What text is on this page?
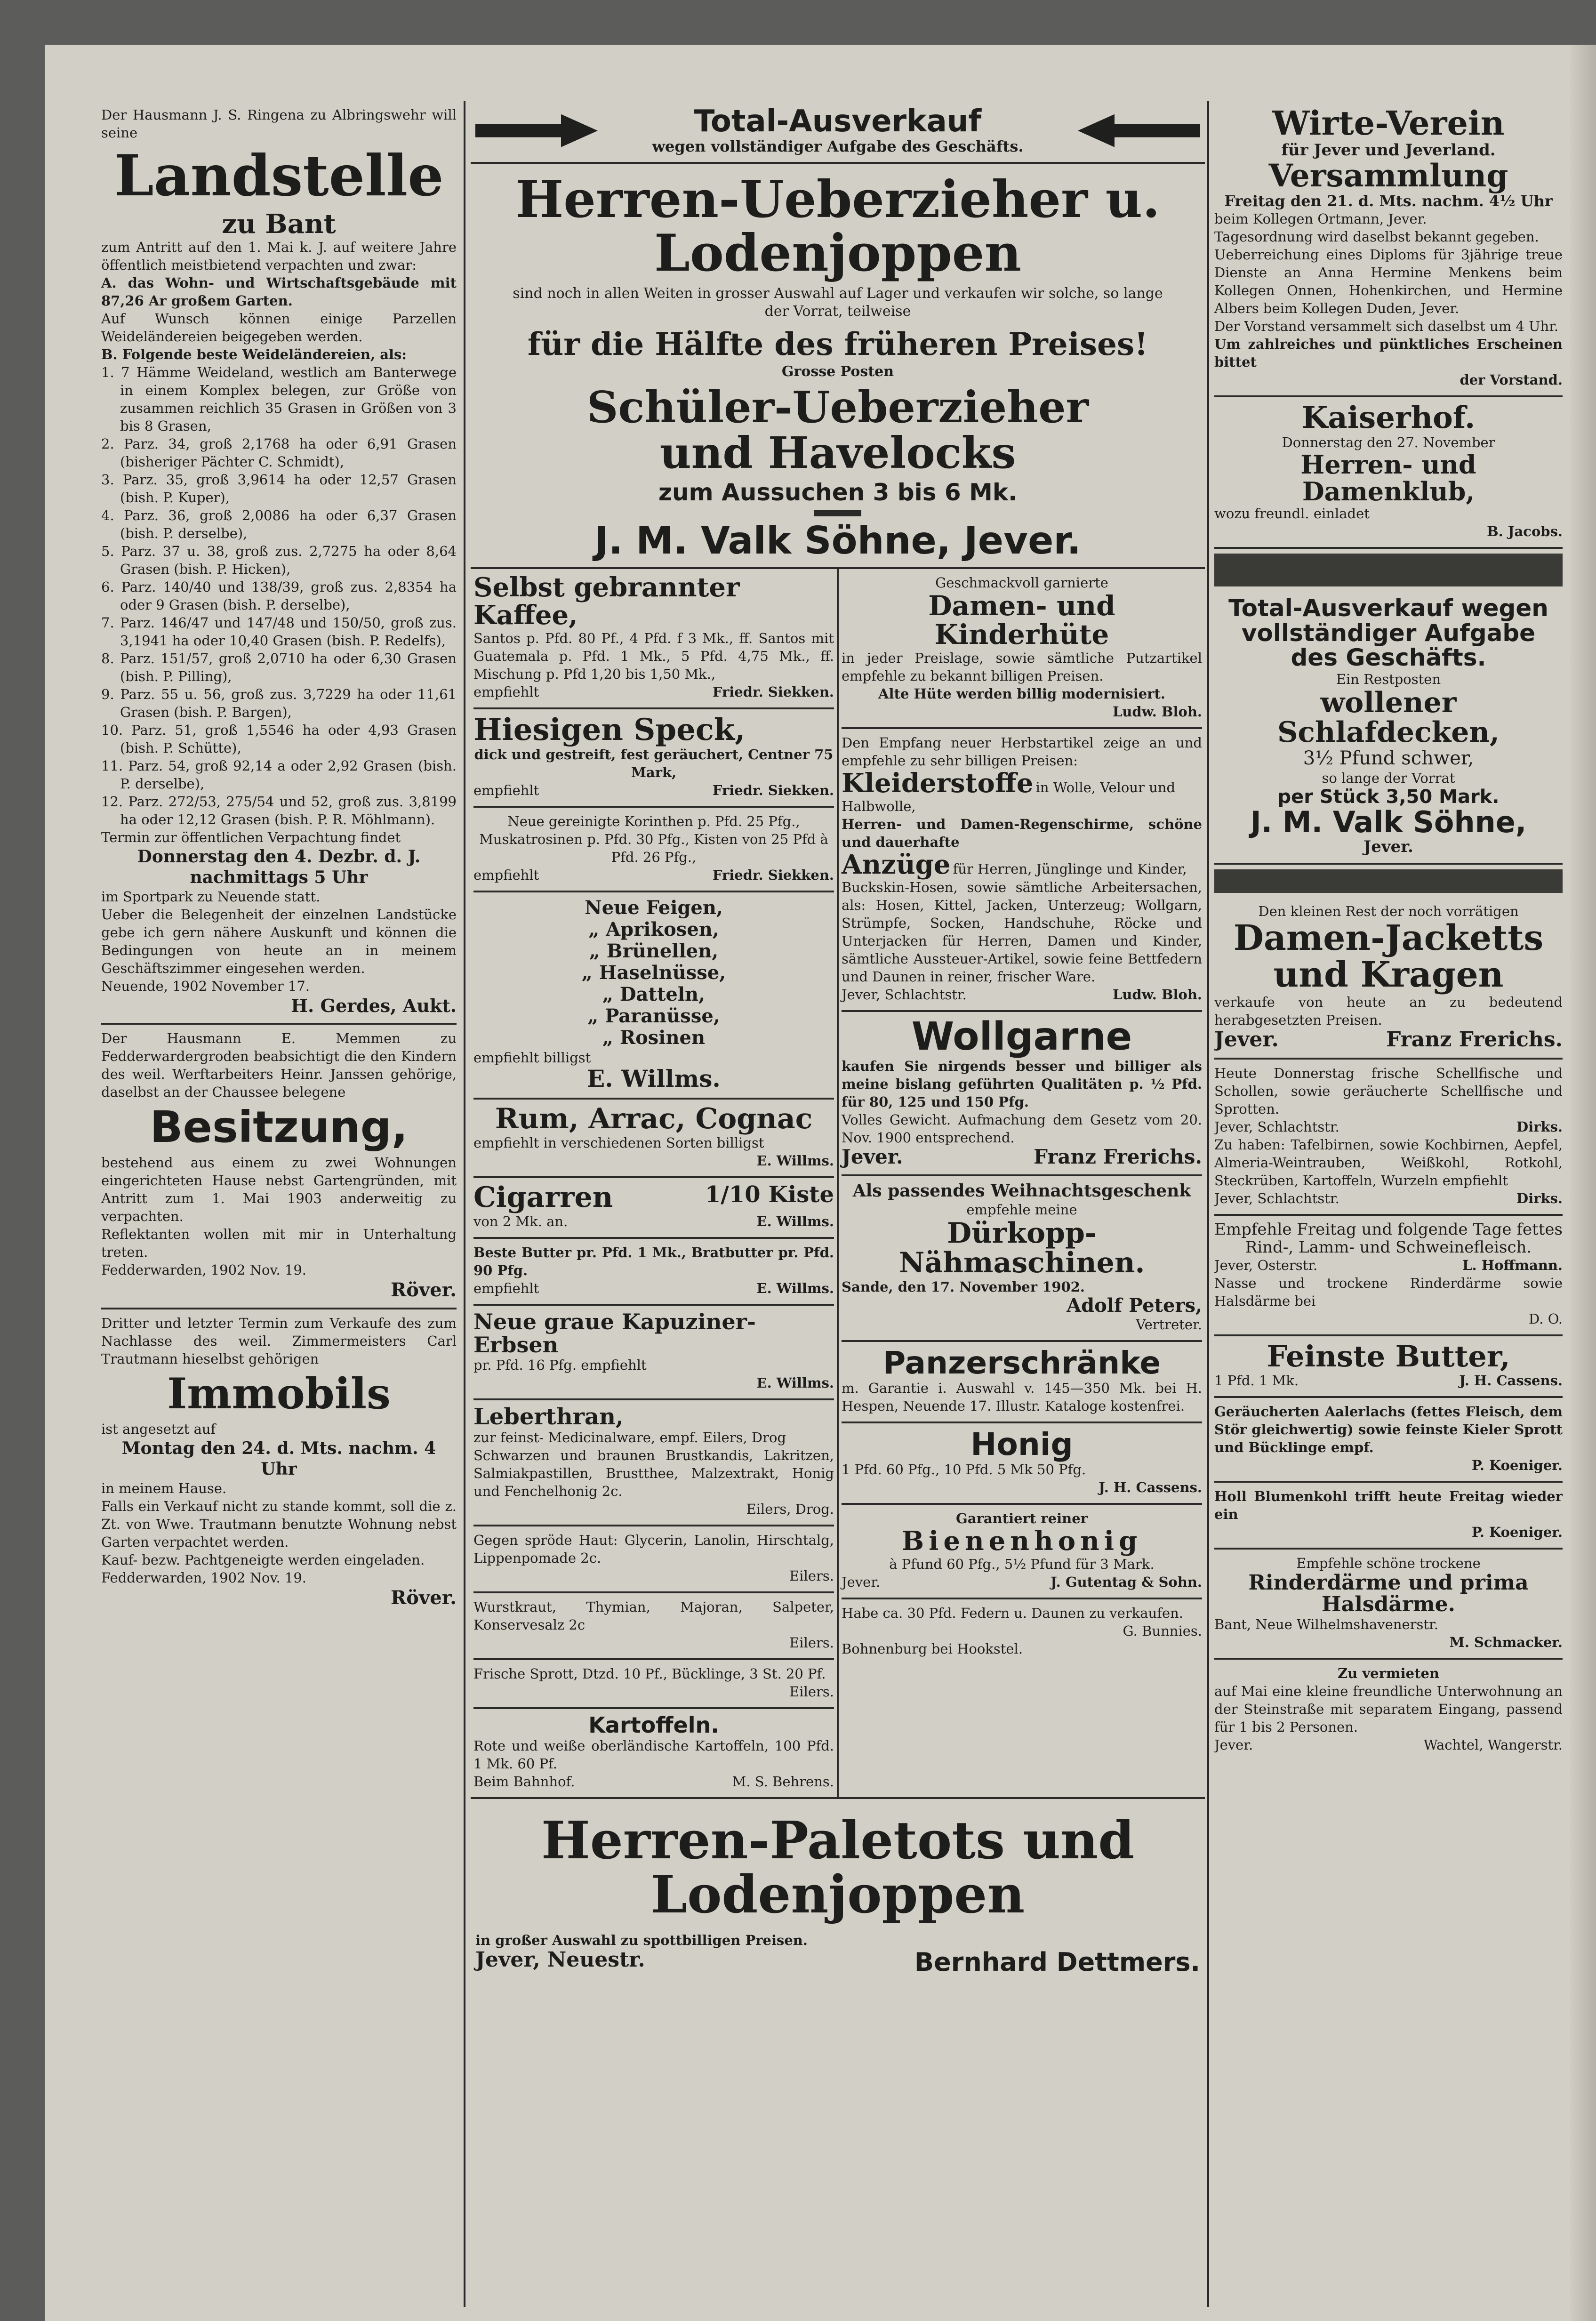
Der Hausmann J. S. Ringena zu Albringswehr will seine

Landstelle

zu Bant

zum Antritt auf den 1. Mai k. J. auf weitere Jahre öffentlich meistbietend verpachten und zwar:

A. das Wohn- und Wirtschaftsgebäude mit 87,26 Ar großem Garten.

Auf Wunsch können einige Parzellen Weideländereien beigegeben werden.

B. Folgende beste Weideländereien, als:

1. 7 Hämme Weideland, westlich am Banterwege in einem Komplex belegen, zur Größe von zusammen reichlich 35 Grasen in Größen von 3 bis 8 Grasen,

2. Parz. 34, groß 2,1768 ha oder 6,91 Grasen (bisheriger Pächter C. Schmidt),

3. Parz. 35, groß 3,9614 ha oder 12,57 Grasen (bish. P. Kuper),

4. Parz. 36, groß 2,0086 ha oder 6,37 Grasen (bish. P. derselbe),

5. Parz. 37 u. 38, groß zus. 2,7275 ha oder 8,64 Grasen (bish. P. Hicken),

6. Parz. 140/40 und 138/39, groß zus. 2,8354 ha oder 9 Grasen (bish. P. derselbe),

7. Parz. 146/47 und 147/48 und 150/50, groß zus. 3,1941 ha oder 10,40 Grasen (bish. P. Redelfs),

8. Parz. 151/57, groß 2,0710 ha oder 6,30 Grasen (bish. P. Pilling),

9. Parz. 55 u. 56, groß zus. 3,7229 ha oder 11,61 Grasen (bish. P. Bargen),

10. Parz. 51, groß 1,5546 ha oder 4,93 Grasen (bish. P. Schütte),

11. Parz. 54, groß 92,14 a oder 2,92 Grasen (bish. P. derselbe),

12. Parz. 272/53, 275/54 und 52, groß zus. 3,8199 ha oder 12,12 Grasen (bish. P. R. Möhlmann).

Termin zur öffentlichen Verpachtung findet

Donnerstag den 4. Dezbr. d. J. nachmittags 5 Uhr

im Sportpark zu Neuende statt.

Ueber die Belegenheit der einzelnen Landstücke gebe ich gern nähere Auskunft und können die Bedingungen von heute an in meinem Geschäftszimmer eingesehen werden.

Neuende, 1902 November 17.

H. Gerdes, Aukt.

Der Hausmann E. Memmen zu Fedderwardergroden beabsichtigt die den Kindern des weil. Werftarbeiters Heinr. Janssen gehörige, daselbst an der Chaussee belegene

Besitzung,

bestehend aus einem zu zwei Wohnungen eingerichteten Hause nebst Gartengründen, mit Antritt zum 1. Mai 1903 anderweitig zu verpachten.

Reflektanten wollen mit mir in Unterhaltung treten.

Fedderwarden, 1902 Nov. 19.

Röver.

Dritter und letzter Termin zum Verkaufe des zum Nachlasse des weil. Zimmermeisters Carl Trautmann hieselbst gehörigen

Immobils

ist angesetzt auf

Montag den 24. d. Mts. nachm. 4 Uhr

in meinem Hause.

Falls ein Verkauf nicht zu stande kommt, soll die z. Zt. von Wwe. Trautmann benutzte Wohnung nebst Garten verpachtet werden.

Kauf- bezw. Pachtgeneigte werden eingeladen.

Fedderwarden, 1902 Nov. 19.

Röver.

Total-Ausverkauf

wegen vollständiger Aufgabe des Geschäfts.

Herren-Ueberzieher u. Lodenjoppen

sind noch in allen Weiten in grosser Auswahl auf Lager und verkaufen wir solche, so lange der Vorrat, teilweise

für die Hälfte des früheren Preises!

Grosse Posten

Schüler-Ueberzieher und Havelocks

zum Aussuchen 3 bis 6 Mk.

J. M. Valk Söhne, Jever.

Selbst gebrannter Kaffee,

Santos p. Pfd. 80 Pf., 4 Pfd. f 3 Mk., ff. Santos mit Guatemala p. Pfd. 1 Mk., 5 Pfd. 4,75 Mk., ff. Mischung p. Pfd 1,20 bis 1,50 Mk.,

empfiehlt	Friedr. Siekken.

Hiesigen Speck,

dick und gestreift, fest geräuchert, Centner 75 Mark,

empfiehlt	Friedr. Siekken.

Neue gereinigte Korinthen p. Pfd. 25 Pfg., Muskatrosinen p. Pfd. 30 Pfg., Kisten von 25 Pfd à Pfd. 26 Pfg.,

empfiehlt	Friedr. Siekken.

Neue Feigen,

„ Aprikosen,

„ Brünellen,

„ Haselnüsse,

„ Datteln,

„ Paranüsse,

„ Rosinen

empfiehlt billigst

E. Willms.

Rum, Arrac, Cognac

empfiehlt in verschiedenen Sorten billigst

E. Willms.

Cigarren	1/10 Kiste
von 2 Mk. an.	E. Willms.

Beste Butter pr. Pfd. 1 Mk., Bratbutter pr. Pfd. 90 Pfg.

empfiehlt	E. Willms.

Neue graue Kapuziner-Erbsen

pr. Pfd. 16 Pfg. empfiehlt

E. Willms.

Leberthran,

zur feinst- Medicinalware, empf. Eilers, Drog

Schwarzen und braunen Brustkandis, Lakritzen, Salmiakpastillen, Brustthee, Malzextrakt, Honig und Fenchelhonig 2c.

Eilers, Drog.

Gegen spröde Haut: Glycerin, Lanolin, Hirschtalg, Lippenpomade 2c.

Eilers.

Wurstkraut, Thymian, Majoran, Salpeter, Konservesalz 2c

Eilers.

Frische Sprott, Dtzd. 10 Pf., Bücklinge, 3 St. 20 Pf.

Eilers.

Kartoffeln.

Rote und weiße oberländische Kartoffeln, 100 Pfd. 1 Mk. 60 Pf.

Beim Bahnhof.	M. S. Behrens.

Geschmackvoll garnierte

Damen- und Kinderhüte

in jeder Preislage, sowie sämtliche Putzartikel empfehle zu bekannt billigen Preisen.

Alte Hüte werden billig modernisiert.

Ludw. Bloh.

Den Empfang neuer Herbstartikel zeige an und empfehle zu sehr billigen Preisen:

Kleiderstoffe in Wolle, Velour und Halbwolle,

Herren- und Damen-Regenschirme, schöne und dauerhafte

Anzüge für Herren, Jünglinge und Kinder,

Buckskin-Hosen, sowie sämtliche Arbeitersachen, als: Hosen, Kittel, Jacken, Unterzeug; Wollgarn, Strümpfe, Socken, Handschuhe, Röcke und Unterjacken für Herren, Damen und Kinder, sämtliche Aussteuer-Artikel, sowie feine Bettfedern und Daunen in reiner, frischer Ware.

Jever, Schlachtstr.	Ludw. Bloh.

Wollgarne

kaufen Sie nirgends besser und billiger als meine bislang geführten Qualitäten p. ½ Pfd. für 80, 125 und 150 Pfg.

Volles Gewicht. Aufmachung dem Gesetz vom 20. Nov. 1900 entsprechend.

Jever.	Franz Frerichs.

Als passendes Weihnachtsgeschenk

empfehle meine

Dürkopp-Nähmaschinen.

Sande, den 17. November 1902.

Adolf Peters,

Vertreter.

Panzerschränke

m. Garantie i. Auswahl v. 145—350 Mk. bei H. Hespen, Neuende 17. Illustr. Kataloge kostenfrei.

Honig

1 Pfd. 60 Pfg., 10 Pfd. 5 Mk 50 Pfg.

J. H. Cassens.

Garantiert reiner

Bienenhonig

à Pfund 60 Pfg., 5½ Pfund für 3 Mark.

Jever.	J. Gutentag & Sohn.

Habe ca. 30 Pfd. Federn u. Daunen zu verkaufen.

G. Bunnies.

Bohnenburg bei Hookstel.

Herren-Paletots und Lodenjoppen

in großer Auswahl zu spottbilligen Preisen.

Jever, Neuestr.	Bernhard Dettmers.

Wirte-Verein

für Jever und Jeverland.

Versammlung

Freitag den 21. d. Mts. nachm. 4½ Uhr

beim Kollegen Ortmann, Jever.

Tagesordnung wird daselbst bekannt gegeben.

Ueberreichung eines Diploms für 3jährige treue Dienste an Anna Hermine Menkens beim Kollegen Onnen, Hohenkirchen, und Hermine Albers beim Kollegen Duden, Jever.

Der Vorstand versammelt sich daselbst um 4 Uhr.

Um zahlreiches und pünktliches Erscheinen bittet

der Vorstand.

Kaiserhof.

Donnerstag den 27. November

Herren- und Damenklub,

wozu freundl. einladet

B. Jacobs.

Total-Ausverkauf wegen vollständiger Aufgabe des Geschäfts.

Ein Restposten

wollener Schlafdecken,

3½ Pfund schwer,

so lange der Vorrat

per Stück 3,50 Mark.

J. M. Valk Söhne,

Jever.

Den kleinen Rest der noch vorrätigen

Damen-Jacketts und Kragen

verkaufe von heute an zu bedeutend herabgesetzten Preisen.

Jever.	Franz Frerichs.

Heute Donnerstag frische Schellfische und Schollen, sowie geräucherte Schellfische und Sprotten.

Jever, Schlachtstr.	Dirks.

Zu haben: Tafelbirnen, sowie Kochbirnen, Aepfel, Almeria-Weintrauben, Weißkohl, Rotkohl, Steckrüben, Kartoffeln, Wurzeln empfiehlt

Jever, Schlachtstr.	Dirks.

Empfehle Freitag und folgende Tage fettes Rind-, Lamm- und Schweinefleisch.

Jever, Osterstr.	L. Hoffmann.

Nasse und trockene Rinderdärme sowie Halsdärme bei

D. O.

Feinste Butter,

1 Pfd. 1 Mk.	J. H. Cassens.

Geräucherten Aalerlachs (fettes Fleisch, dem Stör gleichwertig) sowie feinste Kieler Sprott und Bücklinge empf.

P. Koeniger.

Holl Blumenkohl trifft heute Freitag wieder ein

P. Koeniger.

Empfehle schöne trockene

Rinderdärme und prima Halsdärme.

Bant, Neue Wilhelmshavenerstr.

M. Schmacker.

Zu vermieten

auf Mai eine kleine freundliche Unterwohnung an der Steinstraße mit separatem Eingang, passend für 1 bis 2 Personen.

Jever.	Wachtel, Wangerstr.
